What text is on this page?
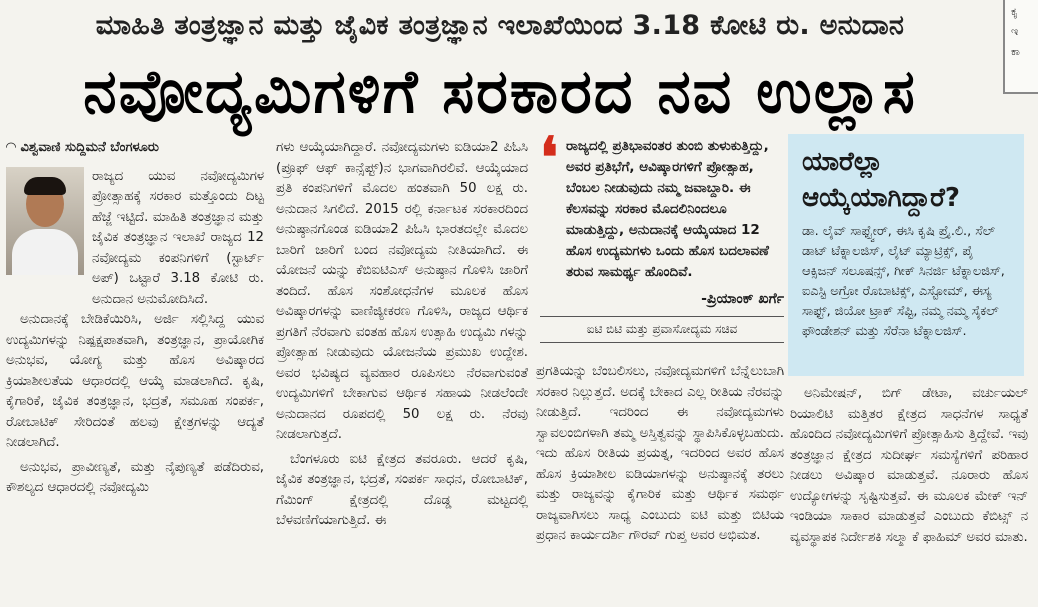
ಮಾಹಿತಿ ತಂತ್ರಜ್ಞಾನ ಮತ್ತು ಜೈವಿಕ ತಂತ್ರಜ್ಞಾನ ಇಲಾಖೆಯಿಂದ 3.18 ಕೋಟಿ ರು. ಅನುದಾನ
ನವೋದ್ಯಮಿಗಳಿಗೆ ಸರಕಾರದ ನವ ಉಲ್ಲಾಸ

ಕೃ

ಇ

ಕಾ

◠ ವಿಶ್ವವಾಣಿ ಸುದ್ದಿಮನೆ ಬೆಂಗಳೂರು

ರಾಜ್ಯದ ಯುವ ನವೋದ್ಯಮಿಗಳ ಪ್ರೋತ್ಸಾಹಕ್ಕೆ ಸರಕಾರ ಮತ್ತೊಂದು ದಿಟ್ಟ ಹೆಜ್ಜೆ ಇಟ್ಟಿದೆ. ಮಾಹಿತಿ ತಂತ್ರಜ್ಞಾನ ಮತ್ತು ಜೈವಿಕ ತಂತ್ರಜ್ಞಾನ ಇಲಾಖೆ ರಾಜ್ಯದ 12 ನವೋದ್ಯಮ ಕಂಪನಿಗಳಿಗೆ (ಸ್ಟಾರ್ಟ್ ಅಪ್) ಒಟ್ಟಾರೆ 3.18 ಕೋಟಿ ರು. ಅನುದಾನ ಅನುಮೋದಿಸಿದೆ.

ಅನುದಾನಕ್ಕೆ ಬೇಡಿಕೆಯಿರಿಸಿ, ಅರ್ಜಿ ಸಲ್ಲಿಸಿದ್ದ ಯುವ ಉದ್ಯಮಿಗಳನ್ನು ನಿಷ್ಪಕ್ಷಪಾತವಾಗಿ, ತಂತ್ರಜ್ಞಾನ, ಪ್ರಾಯೋಗಿಕ ಅನುಭವ, ಯೋಗ್ಯ ಮತ್ತು ಹೊಸ ಅವಿಷ್ಕಾರದ ಕ್ರಿಯಾಶೀಲತೆಯ ಆಧಾರದಲ್ಲಿ ಆಯ್ಕೆ ಮಾಡಲಾಗಿದೆ. ಕೃಷಿ, ಕೈಗಾರಿಕೆ, ಜೈವಿಕ ತಂತ್ರಜ್ಞಾನ, ಭದ್ರತೆ, ಸಮೂಹ ಸಂಪರ್ಕ, ರೋಬಾಟಿಕ್ ಸೇರಿದಂತೆ ಹಲವು ಕ್ಷೇತ್ರಗಳನ್ನು ಆದ್ಯತೆ ನೀಡಲಾಗಿದೆ.

ಅನುಭವ, ಪ್ರಾವೀಣ್ಯತೆ, ಮತ್ತು ನೈಪುಣ್ಯತೆ ಪಡೆದಿರುವ, ಕೌಶಲ್ಯದ ಆಧಾರದಲ್ಲಿ ನವೋದ್ಯಮಿ

ಗಳು ಆಯ್ಕೆಯಾಗಿದ್ದಾರೆ. ನವೋದ್ಯಮಗಳು ಐಡಿಯಾ2 ಪಿಓಸಿ (ಪ್ರೂಫ್ ಆಫ್ ಕಾನ್ಸೆಪ್ಟ್)ನ ಭಾಗವಾಗಿರಲಿವೆ. ಆಯ್ಕೆಯಾದ ಪ್ರತಿ ಕಂಪನಿಗಳಿಗೆ ಮೊದಲ ಹಂತವಾಗಿ 50 ಲಕ್ಷ ರು. ಅನುದಾನ ಸಿಗಲಿದೆ. 2015 ರಲ್ಲಿ ಕರ್ನಾಟಕ ಸರಕಾರದಿಂದ ಅನುಷ್ಠಾನಗೊಂಡ ಐಡಿಯಾ2 ಪಿಓಸಿ ಭಾರತದಲ್ಲೇ ಮೊದಲ ಬಾರಿಗೆ ಜಾರಿಗೆ ಬಂದ ನವೋದ್ಯಮ ನೀತಿಯಾಗಿದೆ. ಈ ಯೋಜನೆ ಯನ್ನು ಕೆಬಿಐಟಿಎಸ್ ಅನುಷ್ಠಾನ ಗೊಳಿಸಿ ಜಾರಿಗೆ ತಂದಿದೆ. ಹೊಸ ಸಂಶೋಧನೆಗಳ ಮೂಲಕ ಹೊಸ ಅವಿಷ್ಕಾರಗಳನ್ನು ವಾಣಿಜ್ಯೀಕರಣ ಗೊಳಿಸಿ, ರಾಜ್ಯದ ಆರ್ಥಿಕ ಪ್ರಗತಿಗೆ ನೆರವಾಗು ವಂತಹ ಹೊಸ ಉತ್ಸಾಹಿ ಉದ್ಯಮಿ ಗಳನ್ನು ಪ್ರೋತ್ಸಾಹ ನೀಡುವುದು ಯೋಜನೆಯ ಪ್ರಮುಖ ಉದ್ದೇಶ. ಅವರ ಭವಿಷ್ಯದ ವ್ಯವಹಾರ ರೂಪಿಸಲು ನೆರವಾಗುವಂತೆ ಉದ್ಯಮಿಗಳಿಗೆ ಬೇಕಾಗುವ ಆರ್ಥಿಕ ಸಹಾಯ ನೀಡಲೆಂದೇ ಅನುದಾನದ ರೂಪದಲ್ಲಿ 50 ಲಕ್ಷ ರು. ನೆರವು ನೀಡಲಾಗುತ್ತದೆ.

ಬೆಂಗಳೂರು ಐಟಿ ಕ್ಷೇತ್ರದ ತವರೂರು. ಆದರೆ ಕೃಷಿ, ಜೈವಿಕ ತಂತ್ರಜ್ಞಾನ, ಭದ್ರತೆ, ಸಂಪರ್ಕ ಸಾಧನ, ರೋಬಾಟಿಕ್, ಗೆಮಿಂಗ್ ಕ್ಷೇತ್ರದಲ್ಲಿ ದೊಡ್ಡ ಮಟ್ಟದಲ್ಲಿ ಬೆಳವಣಿಗೆಯಾಗುತ್ತಿದೆ. ಈ

❛ ರಾಜ್ಯದಲ್ಲಿ ಪ್ರತಿಭಾವಂತರ ತುಂಬಿ ತುಳುಕುತ್ತಿದ್ದು, ಅವರ ಪ್ರತಿಭೆಗೆ, ಆವಿಷ್ಕಾರಗಳಿಗೆ ಪ್ರೋತ್ಸಾಹ, ಬೆಂಬಲ ನೀಡುವುದು ನಮ್ಮ ಜವಾಬ್ದಾರಿ. ಈ ಕೆಲಸವನ್ನು ಸರಕಾರ ಮೊದಲಿನಿಂದಲೂ ಮಾಡುತ್ತಿದ್ದು, ಅನುದಾನಕ್ಕೆ ಆಯ್ಕೆಯಾದ 12 ಹೊಸ ಉದ್ಯಮಗಳು ಒಂದು ಹೊಸ ಬದಲಾವಣೆ ತರುವ ಸಾಮರ್ಥ್ಯ ಹೊಂದಿವೆ.
-ಪ್ರಿಯಾಂಕ್ ಖರ್ಗೆ
ಐಟಿ ಬಿಟಿ ಮತ್ತು ಪ್ರವಾಸೋದ್ಯಮ ಸಚಿವ

ಪ್ರಗತಿಯನ್ನು ಬೆಂಬಲಿಸಲು, ನವೋದ್ಯಮಗಳಿಗೆ ಬೆನ್ನೆಲುಬಾಗಿ ಸರಕಾರ ನಿಲ್ಲುತ್ತದೆ. ಅದಕ್ಕೆ ಬೇಕಾದ ಎಲ್ಲ ರೀತಿಯ ನೆರವನ್ನು ನೀಡುತ್ತಿದೆ. ಇದರಿಂದ ಈ ನವೋದ್ಯಮಗಳು ಸ್ವಾವಲಂಬಿಗಳಾಗಿ ತಮ್ಮ ಅಸ್ತಿತ್ವವನ್ನು ಸ್ಥಾಪಿಸಿಕೊಳ್ಳಬಹುದು. ಇದು ಹೊಸ ರೀತಿಯ ಪ್ರಯತ್ನ, ಇದರಿಂದ ಅವರ ಹೊಸ ಹೊಸ ಕ್ರಿಯಾಶೀಲ ಐಡಿಯಾಗಳನ್ನು ಅನುಷ್ಠಾನಕ್ಕೆ ತರಲು ಮತ್ತು ರಾಜ್ಯವನ್ನು ಕೈಗಾರಿಕ ಮತ್ತು ಆರ್ಥಿಕ ಸಮರ್ಥ ರಾಜ್ಯವಾಗಿಸಲು ಸಾಧ್ಯ ಎಂಬುದು ಐಟಿ ಮತ್ತು ಬಿಟಿಯ ಪ್ರಧಾನ ಕಾರ್ಯದರ್ಶಿ ಗೌರವ್ ಗುಪ್ತ ಅವರ ಅಭಿಮತ.

ಯಾರೆಲ್ಲಾ ಆಯ್ಕೆಯಾಗಿದ್ದಾರೆ?

ಡಾ. ಲೈವ್ ಸಾಫ್ಟ್ವೇರ್, ಈಸಿ ಕೃಷಿ ಪ್ರೈ.ಲಿ., ಸೆಲ್ ಡಾಟ್ ಟೆಕ್ನಾಲಜಿಸ್, ಲೈಟ್ ಮ್ಯಾಟ್ರಿಕ್ಸ್, ಪೈ ಆಕ್ಸಿಜನ್ ಸಲೂಷನ್ಸ್, ಗೀಕ್ ಸಿನರ್ಜಿ ಟೆಕ್ನಾಲಜಿಸ್, ಐಎಸ್ಟಿ ಅಗ್ರೋ ರೊಬಾಟಿಕ್ಸ್, ಎಸ್ಟೋಮ್, ಈಸ್ಯ ಸಾಫ್ಟ್, ಜಿಯೋ ಟ್ರಾಕ್ ಸೆಪ್ಟಿ, ನಮ್ಮ ನಮ್ಮ ಸೈಕಲ್ ಫೌಂಡೇಶನ್ ಮತ್ತು ಸೆರೆನಾ ಟೆಕ್ನಾಲಜಿಸ್.

ಅನಿಮೇಷನ್, ಬಿಗ್ ಡೇಟಾ, ವರ್ಚುಯಲ್ ರಿಯಾಲಿಟಿ ಮತ್ತಿತರ ಕ್ಷೇತ್ರದ ಸಾಧನೆಗಳ ಸಾಧ್ಯತೆ ಹೊಂದಿದ ನವೋದ್ಯಮಿಗಳಿಗೆ ಪ್ರೋತ್ಸಾಹಿಸು ತ್ತಿದ್ದೇವೆ. ಇವು ತಂತ್ರಜ್ಞಾನ ಕ್ಷೇತ್ರದ ಸುದೀರ್ಘ ಸಮಸ್ಯೆಗಳಿಗೆ ಪರಿಹಾರ ನೀಡಲು ಅವಿಷ್ಕಾರ ಮಾಡುತ್ತವೆ. ನೂರಾರು ಹೊಸ ಉದ್ಯೋಗಳನ್ನು ಸೃಷ್ಟಿಸುತ್ತವೆ. ಈ ಮೂಲಕ ಮೇಕ್ ಇನ್ ಇಂಡಿಯಾ ಸಾಕಾರ ಮಾಡುತ್ತವೆ ಎಂಬುದು ಕೆಬಿಟ್ಸ್ ನ ವ್ಯವಸ್ಥಾಪಕ ನಿರ್ದೇಶಕಿ ಸಲ್ಮಾ ಕೆ ಫಾಹಿಮ್ ಅವರ ಮಾತು.
